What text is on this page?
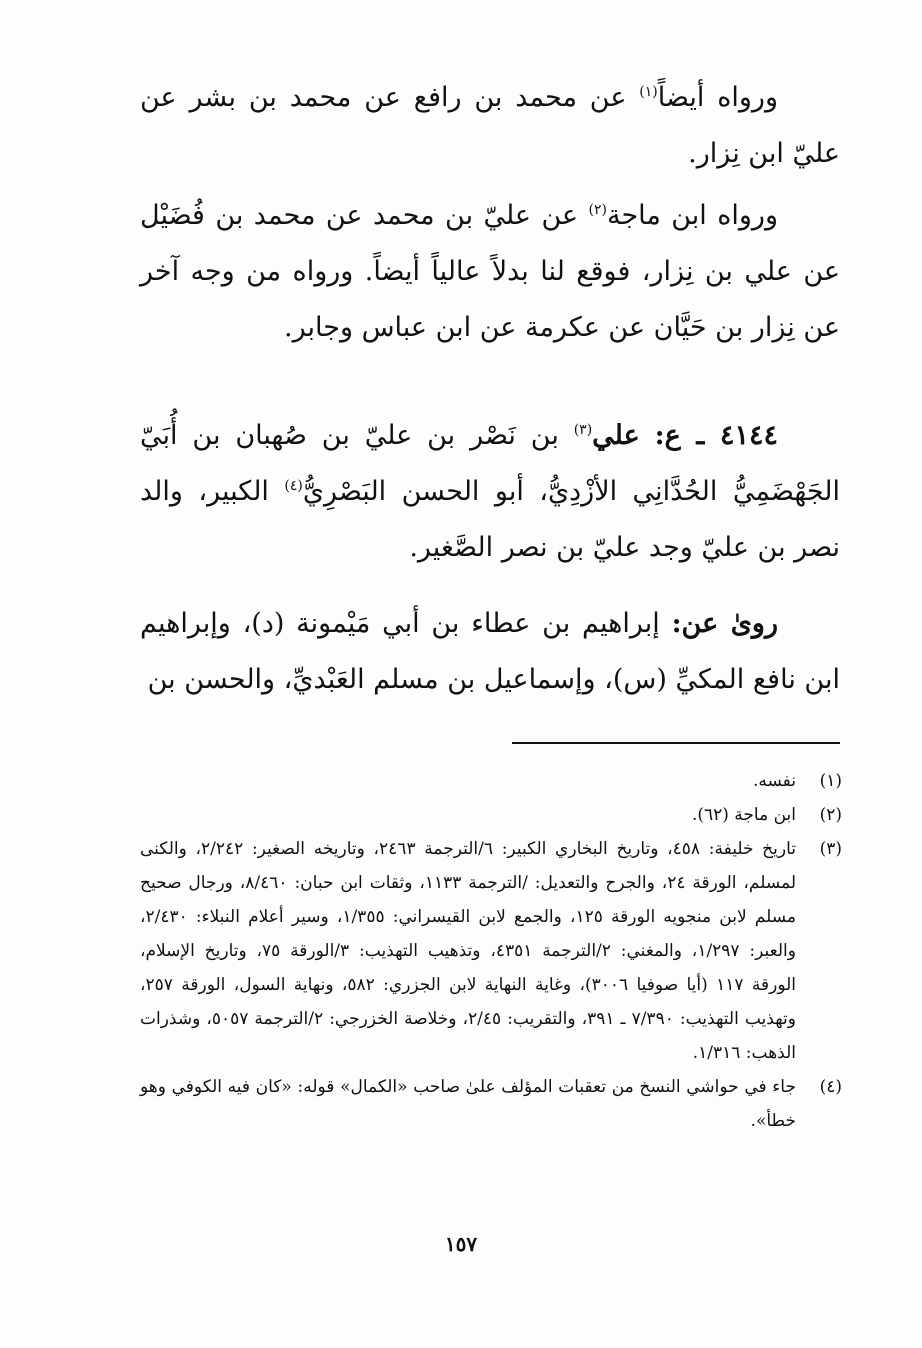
ورواه أيضاً$^{(١)}$ عن محمد بن رافع عن محمد بن بشر عن عليّ ابن نِزار.

ورواه ابن ماجة$^{(٢)}$ عن عليّ بن محمد عن محمد بن فُضَيْل عن علي بن نِزار، فوقع لنا بدلاً عالياً أيضاً. ورواه من وجه آخر عن نِزار بن حَيَّان عن عكرمة عن ابن عباس وجابر.

٤١٤٤ ـ ع: علي$^{(٣)}$ بن نَصْر بن عليّ بن صُهبان بن أُبَيّ الجَهْضَمِيُّ الحُدَّانِي الأزْدِيُّ، أبو الحسن البَصْرِيُّ$^{(٤)}$ الكبير، والد نصر بن عليّ وجد عليّ بن نصر الصَّغير.

روىٰ عن: إبراهيم بن عطاء بن أبي مَيْمونة (د)، وإبراهيم ابن نافع المكيِّ (س)، وإسماعيل بن مسلم العَبْديِّ، والحسن بن

(١)
نفسه.
(٢)
ابن ماجة (٦٢).
(٣)
تاريخ خليفة: ٤٥٨، وتاريخ البخاري الكبير: ٦/الترجمة ٢٤٦٣، وتاريخه الصغير: ٢/٢٤٢، والكنى لمسلم، الورقة ٢٤، والجرح والتعديل: /الترجمة ١١٣٣، وثقات ابن حبان: ٨/٤٦٠، ورجال صحيح مسلم لابن منجويه الورقة ١٢٥، والجمع لابن القيسراني: ١/٣٥٥، وسير أعلام النبلاء: ٢/٤٣٠، والعبر: ١/٢٩٧، والمغني: ٢/الترجمة ٤٣٥١، وتذهيب التهذيب: ٣/الورقة ٧٥، وتاريخ الإسلام، الورقة ١١٧ (أيا صوفيا ٣٠٠٦)، وغاية النهاية لابن الجزري: ٥٨٢، ونهاية السول، الورقة ٢٥٧، وتهذيب التهذيب: ٧/٣٩٠ ـ ٣٩١، والتقريب: ٢/٤٥، وخلاصة الخزرجي: ٢/الترجمة ٥٠٥٧، وشذرات الذهب: ١/٣١٦.
(٤)
جاء في حواشي النسخ من تعقبات المؤلف علىٰ صاحب «الكمال» قوله: «كان فيه الكوفي وهو خطأ».
١٥٧
